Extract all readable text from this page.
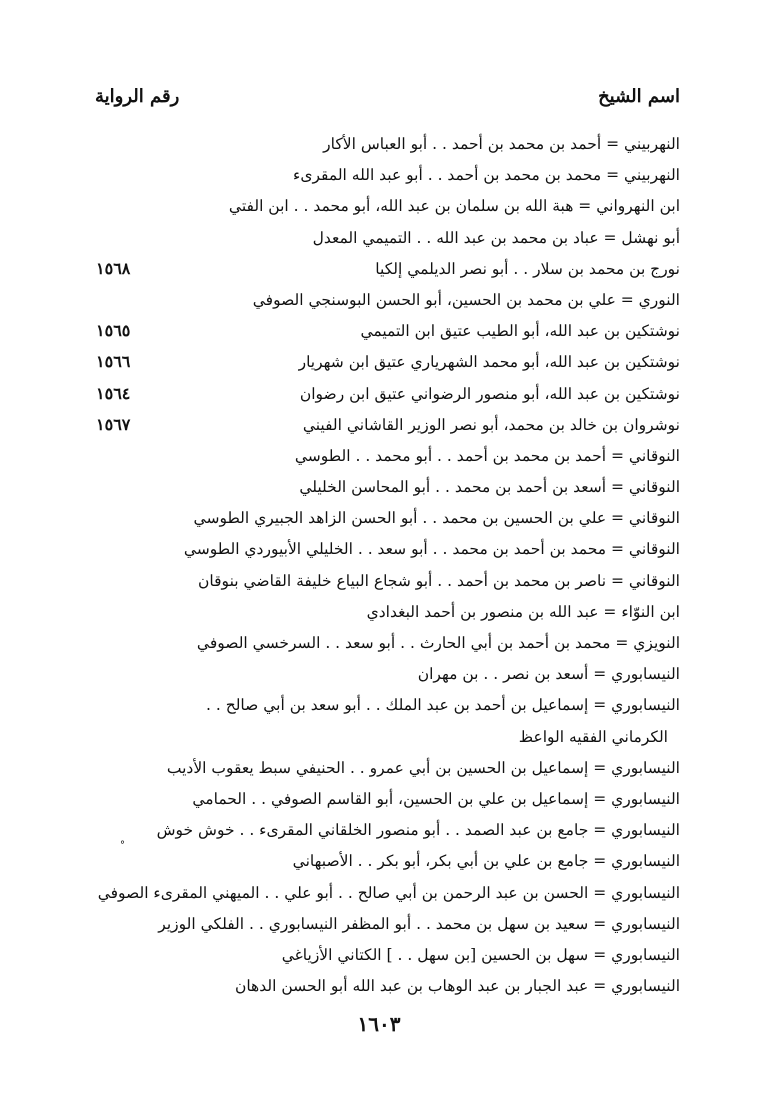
اسم الشيخ
رقم الرواية
النهربيني = أحمد بن محمد بن أحمد . . أبو العباس الأكار
النهربيني = محمد بن محمد بن أحمد . . أبو عبد الله المقرىء
ابن النهرواني = هبة الله بن سلمان بن عبد الله، أبو محمد . . ابن الفتي
أبو نهشل = عباد بن محمد بن عبد الله . . التميمي المعدل
نورج بن محمد بن سلار . . أبو نصر الديلمي إلكيا
١٥٦٨
النوري = علي بن محمد بن الحسين، أبو الحسن البوسنجي الصوفي
نوشتكين بن عبد الله، أبو الطيب عتيق ابن التميمي
١٥٦٥
نوشتكين بن عبد الله، أبو محمد الشهرياري عتيق ابن شهريار
١٥٦٦
نوشتكين بن عبد الله، أبو منصور الرضواني عتيق ابن رضوان
١٥٦٤
نوشروان بن خالد بن محمد، أبو نصر الوزير القاشاني الفيني
١٥٦٧
النوقاني = أحمد بن محمد بن أحمد . . أبو محمد . . الطوسي
النوقاني = أسعد بن أحمد بن محمد . . أبو المحاسن الخليلي
النوقاني = علي بن الحسين بن محمد . . أبو الحسن الزاهد الجبيري الطوسي
النوقاني = محمد بن أحمد بن محمد . . أبو سعد . . الخليلي الأبيوردي الطوسي
النوقاني = ناصر بن محمد بن أحمد . . أبو شجاع البياع خليفة القاضي بنوقان
ابن النوّاء = عبد الله بن منصور بن أحمد البغدادي
النويزي = محمد بن أحمد بن أبي الحارث . . أبو سعد . . السرخسي الصوفي
النيسابوري = أسعد بن نصر . . بن مهران
النيسابوري = إسماعيل بن أحمد بن عبد الملك . . أبو سعد بن أبي صالح . .
الكرماني الفقيه الواعظ
النيسابوري = إسماعيل بن الحسين بن أبي عمرو . . الحنيفي سبط يعقوب الأديب
النيسابوري = إسماعيل بن علي بن الحسين، أبو القاسم الصوفي . . الحمامي
النيسابوري = جامع بن عبد الصمد . . أبو منصور الخلقاني المقرىء . . خوش خوش
النيسابوري = جامع بن علي بن أبي بكر، أبو بكر . . الأصبهاني
النيسابوري = الحسن بن عبد الرحمن بن أبي صالح . . أبو علي . . الميهني المقرىء الصوفي
النيسابوري = سعيد بن سهل بن محمد . . أبو المظفر النيسابوري . . الفلكي الوزير
النيسابوري = سهل بن الحسين [بن سهل . . ] الكتاني الأزياغي
النيسابوري = عبد الجبار بن عبد الوهاب بن عبد الله أبو الحسن الدهان
°
١٦٠٣
